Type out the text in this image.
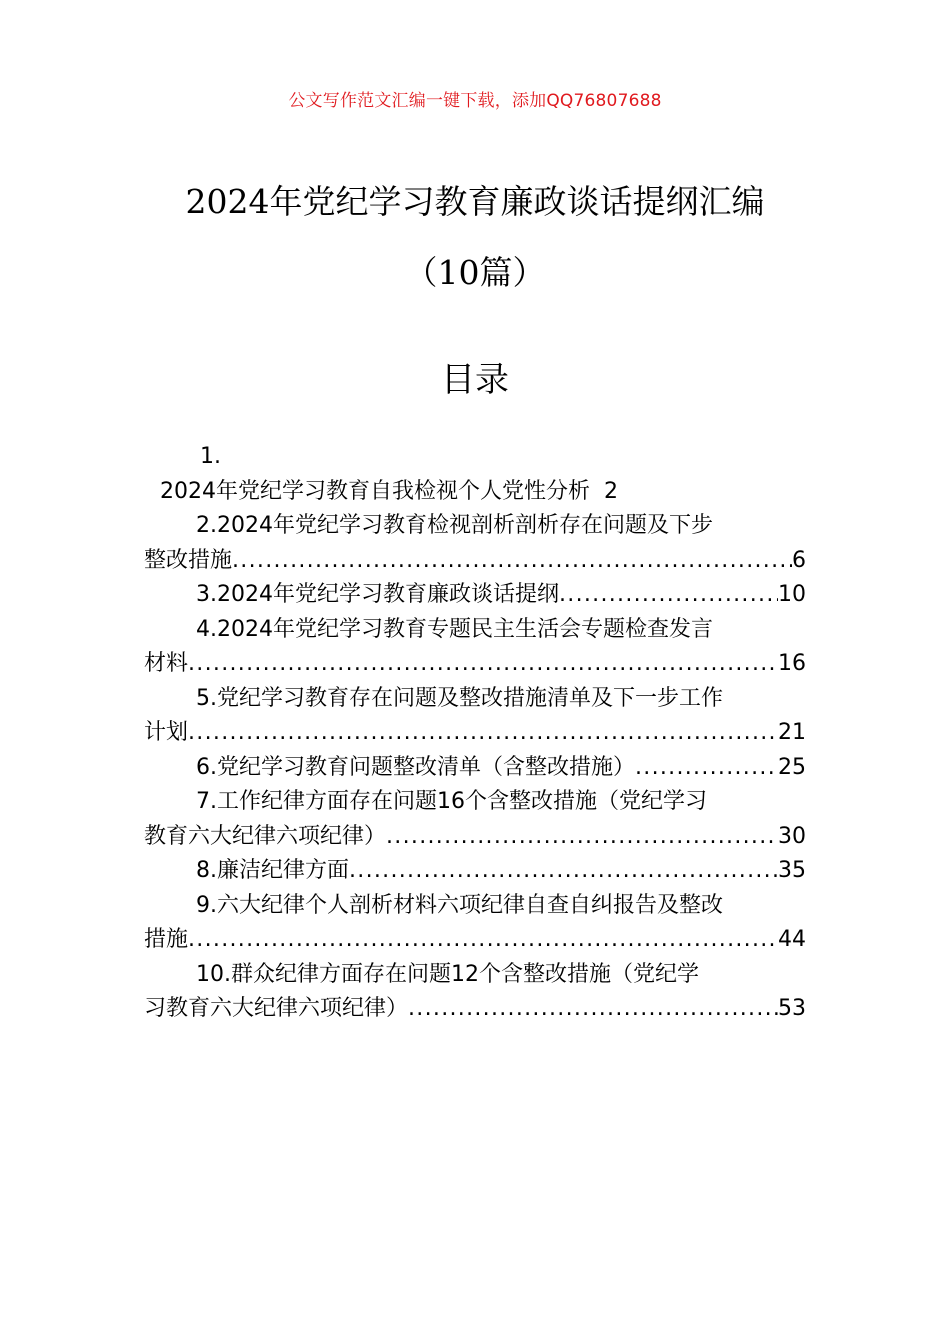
公文写作范文汇编一键下载，添加QQ76807688
2024年党纪学习教育廉政谈话提纲汇编
（10篇）
目录
1.
2024年党纪学习教育自我检视个人党性分析 2
2.2024年党纪学习教育检视剖析剖析存在问题及下步
整改措施 .....	6
3.2024年党纪学习教育廉政谈话提纲 .....	10
4.2024年党纪学习教育专题民主生活会专题检查发言
材料 .....	16
5.党纪学习教育存在问题及整改措施清单及下一步工作
计划 .....	21
6.党纪学习教育问题整改清单（含整改措施） .....	25
7.工作纪律方面存在问题16个含整改措施（党纪学习
教育六大纪律六项纪律） .....	30
8.廉洁纪律方面 .....	35
9.六大纪律个人剖析材料六项纪律自查自纠报告及整改
措施 .....	44
10.群众纪律方面存在问题12个含整改措施（党纪学
习教育六大纪律六项纪律） .....	53
